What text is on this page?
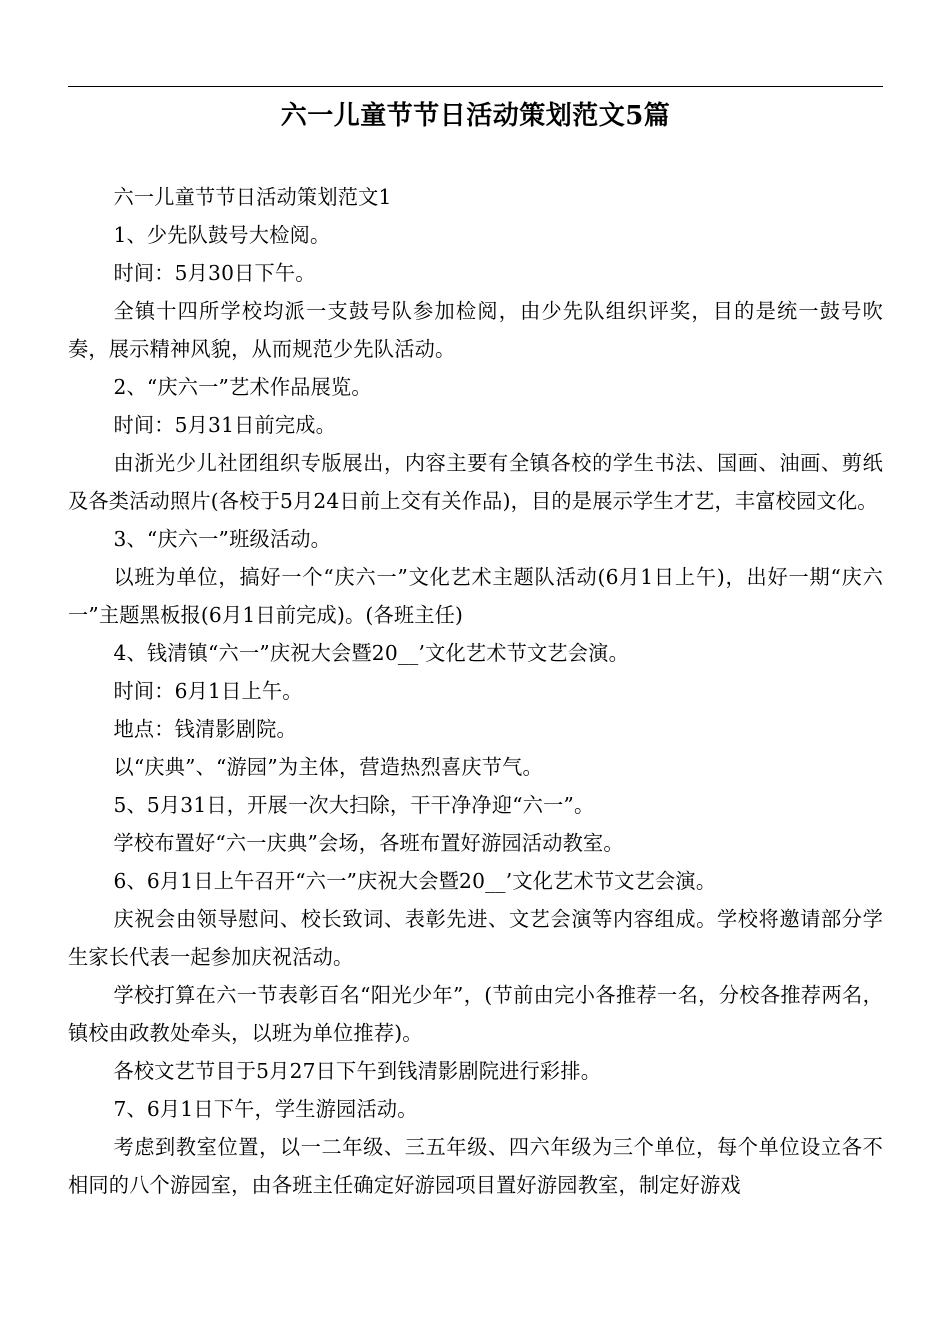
六一儿童节节日活动策划范文5篇

六一儿童节节日活动策划范文1

1、少先队鼓号大检阅。

时间：5月30日下午。

全镇十四所学校均派一支鼓号队参加检阅，由少先队组织评奖，目的是统一鼓号吹奏，展示精神风貌，从而规范少先队活动。

2、“庆六一”艺术作品展览。

时间：5月31日前完成。

由浙光少儿社团组织专版展出，内容主要有全镇各校的学生书法、国画、油画、剪纸及各类活动照片(各校于5月24日前上交有关作品)，目的是展示学生才艺，丰富校园文化。

3、“庆六一”班级活动。

以班为单位，搞好一个“庆六一”文化艺术主题队活动(6月1日上午)，出好一期“庆六一”主题黑板报(6月1日前完成)。(各班主任)

4、钱清镇“六一”庆祝大会暨20__’文化艺术节文艺会演。

时间：6月1日上午。

地点：钱清影剧院。

以“庆典”、“游园”为主体，营造热烈喜庆节气。

5、5月31日，开展一次大扫除，干干净净迎“六一”。

学校布置好“六一庆典”会场，各班布置好游园活动教室。

6、6月1日上午召开“六一”庆祝大会暨20__’文化艺术节文艺会演。

庆祝会由领导慰问、校长致词、表彰先进、文艺会演等内容组成。学校将邀请部分学生家长代表一起参加庆祝活动。

学校打算在六一节表彰百名“阳光少年”，(节前由完小各推荐一名，分校各推荐两名，镇校由政教处牵头，以班为单位推荐)。

各校文艺节目于5月27日下午到钱清影剧院进行彩排。

7、6月1日下午，学生游园活动。

考虑到教室位置，以一二年级、三五年级、四六年级为三个单位，每个单位设立各不相同的八个游园室，由各班主任确定好游园项目置好游园教室，制定好游戏
